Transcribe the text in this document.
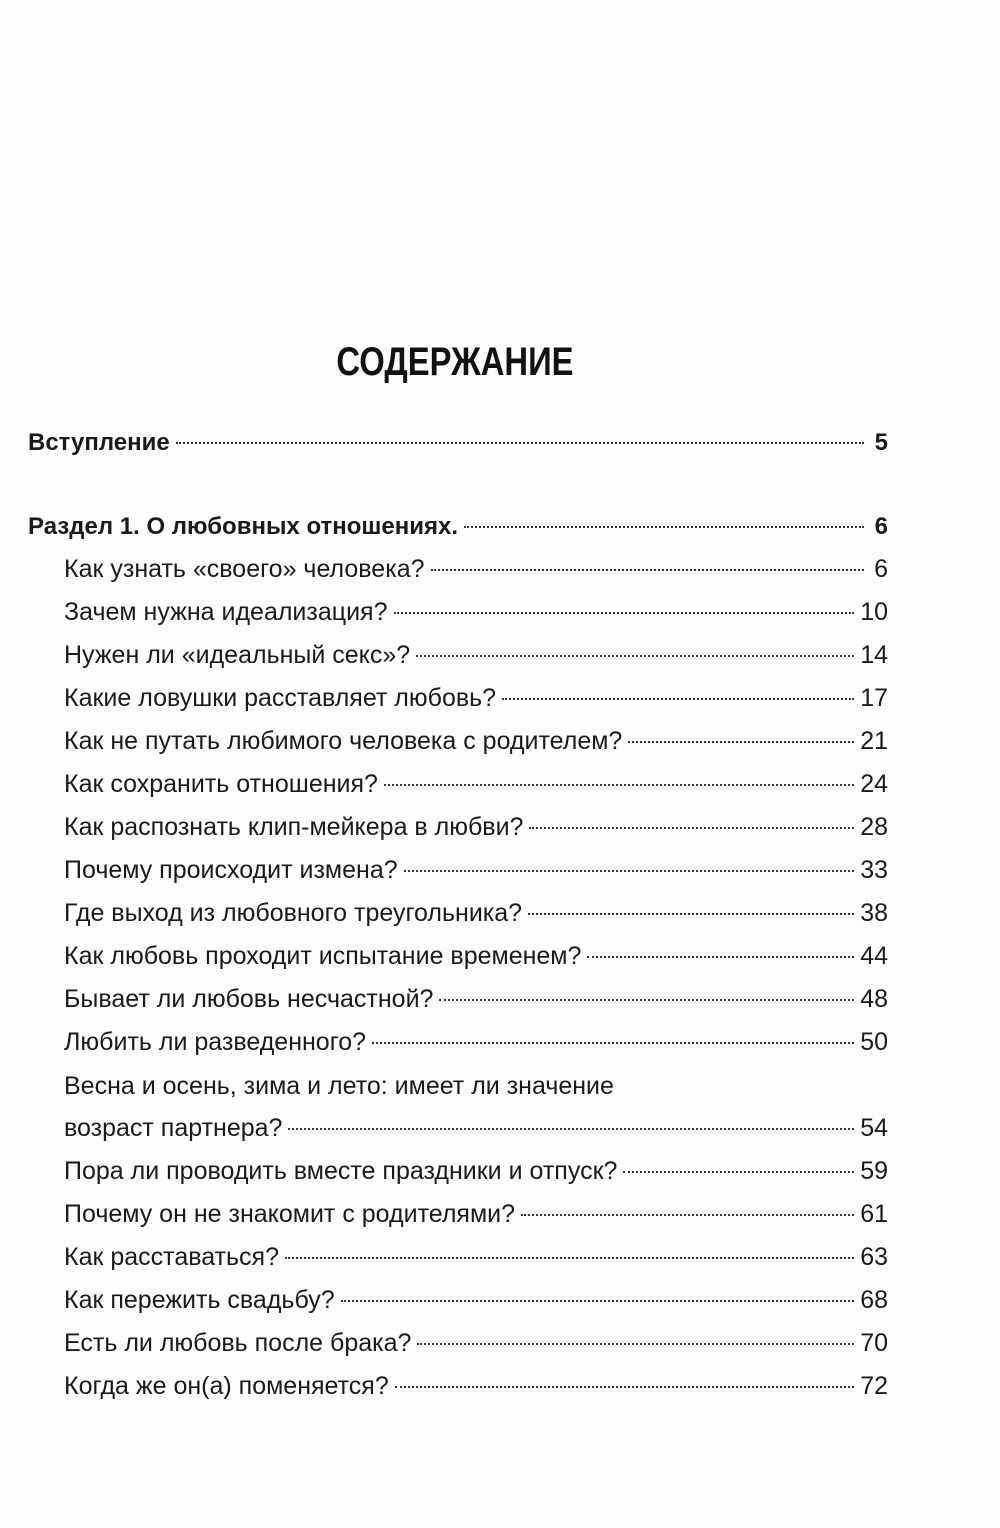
СОДЕРЖАНИЕ
Вступление	5
Раздел 1. О любовных отношениях.	6
Как узнать «своего» человека?	6
Зачем нужна идеализация?	10
Нужен ли «идеальный секс»?	14
Какие ловушки расставляет любовь?	17
Как не путать любимого человека с родителем?	21
Как сохранить отношения?	24
Как распознать клип-мейкера в любви?	28
Почему происходит измена?	33
Где выход из любовного треугольника?	38
Как любовь проходит испытание временем?	44
Бывает ли любовь несчастной?	48
Любить ли разведенного?	50
Весна и осень, зима и лето: имеет ли значение
возраст партнера?	54
Пора ли проводить вместе праздники и отпуск?	59
Почему он не знакомит с родителями?	61
Как расставаться?	63
Как пережить свадьбу?	68
Есть ли любовь после брака?	70
Когда же он(а) поменяется?	72
